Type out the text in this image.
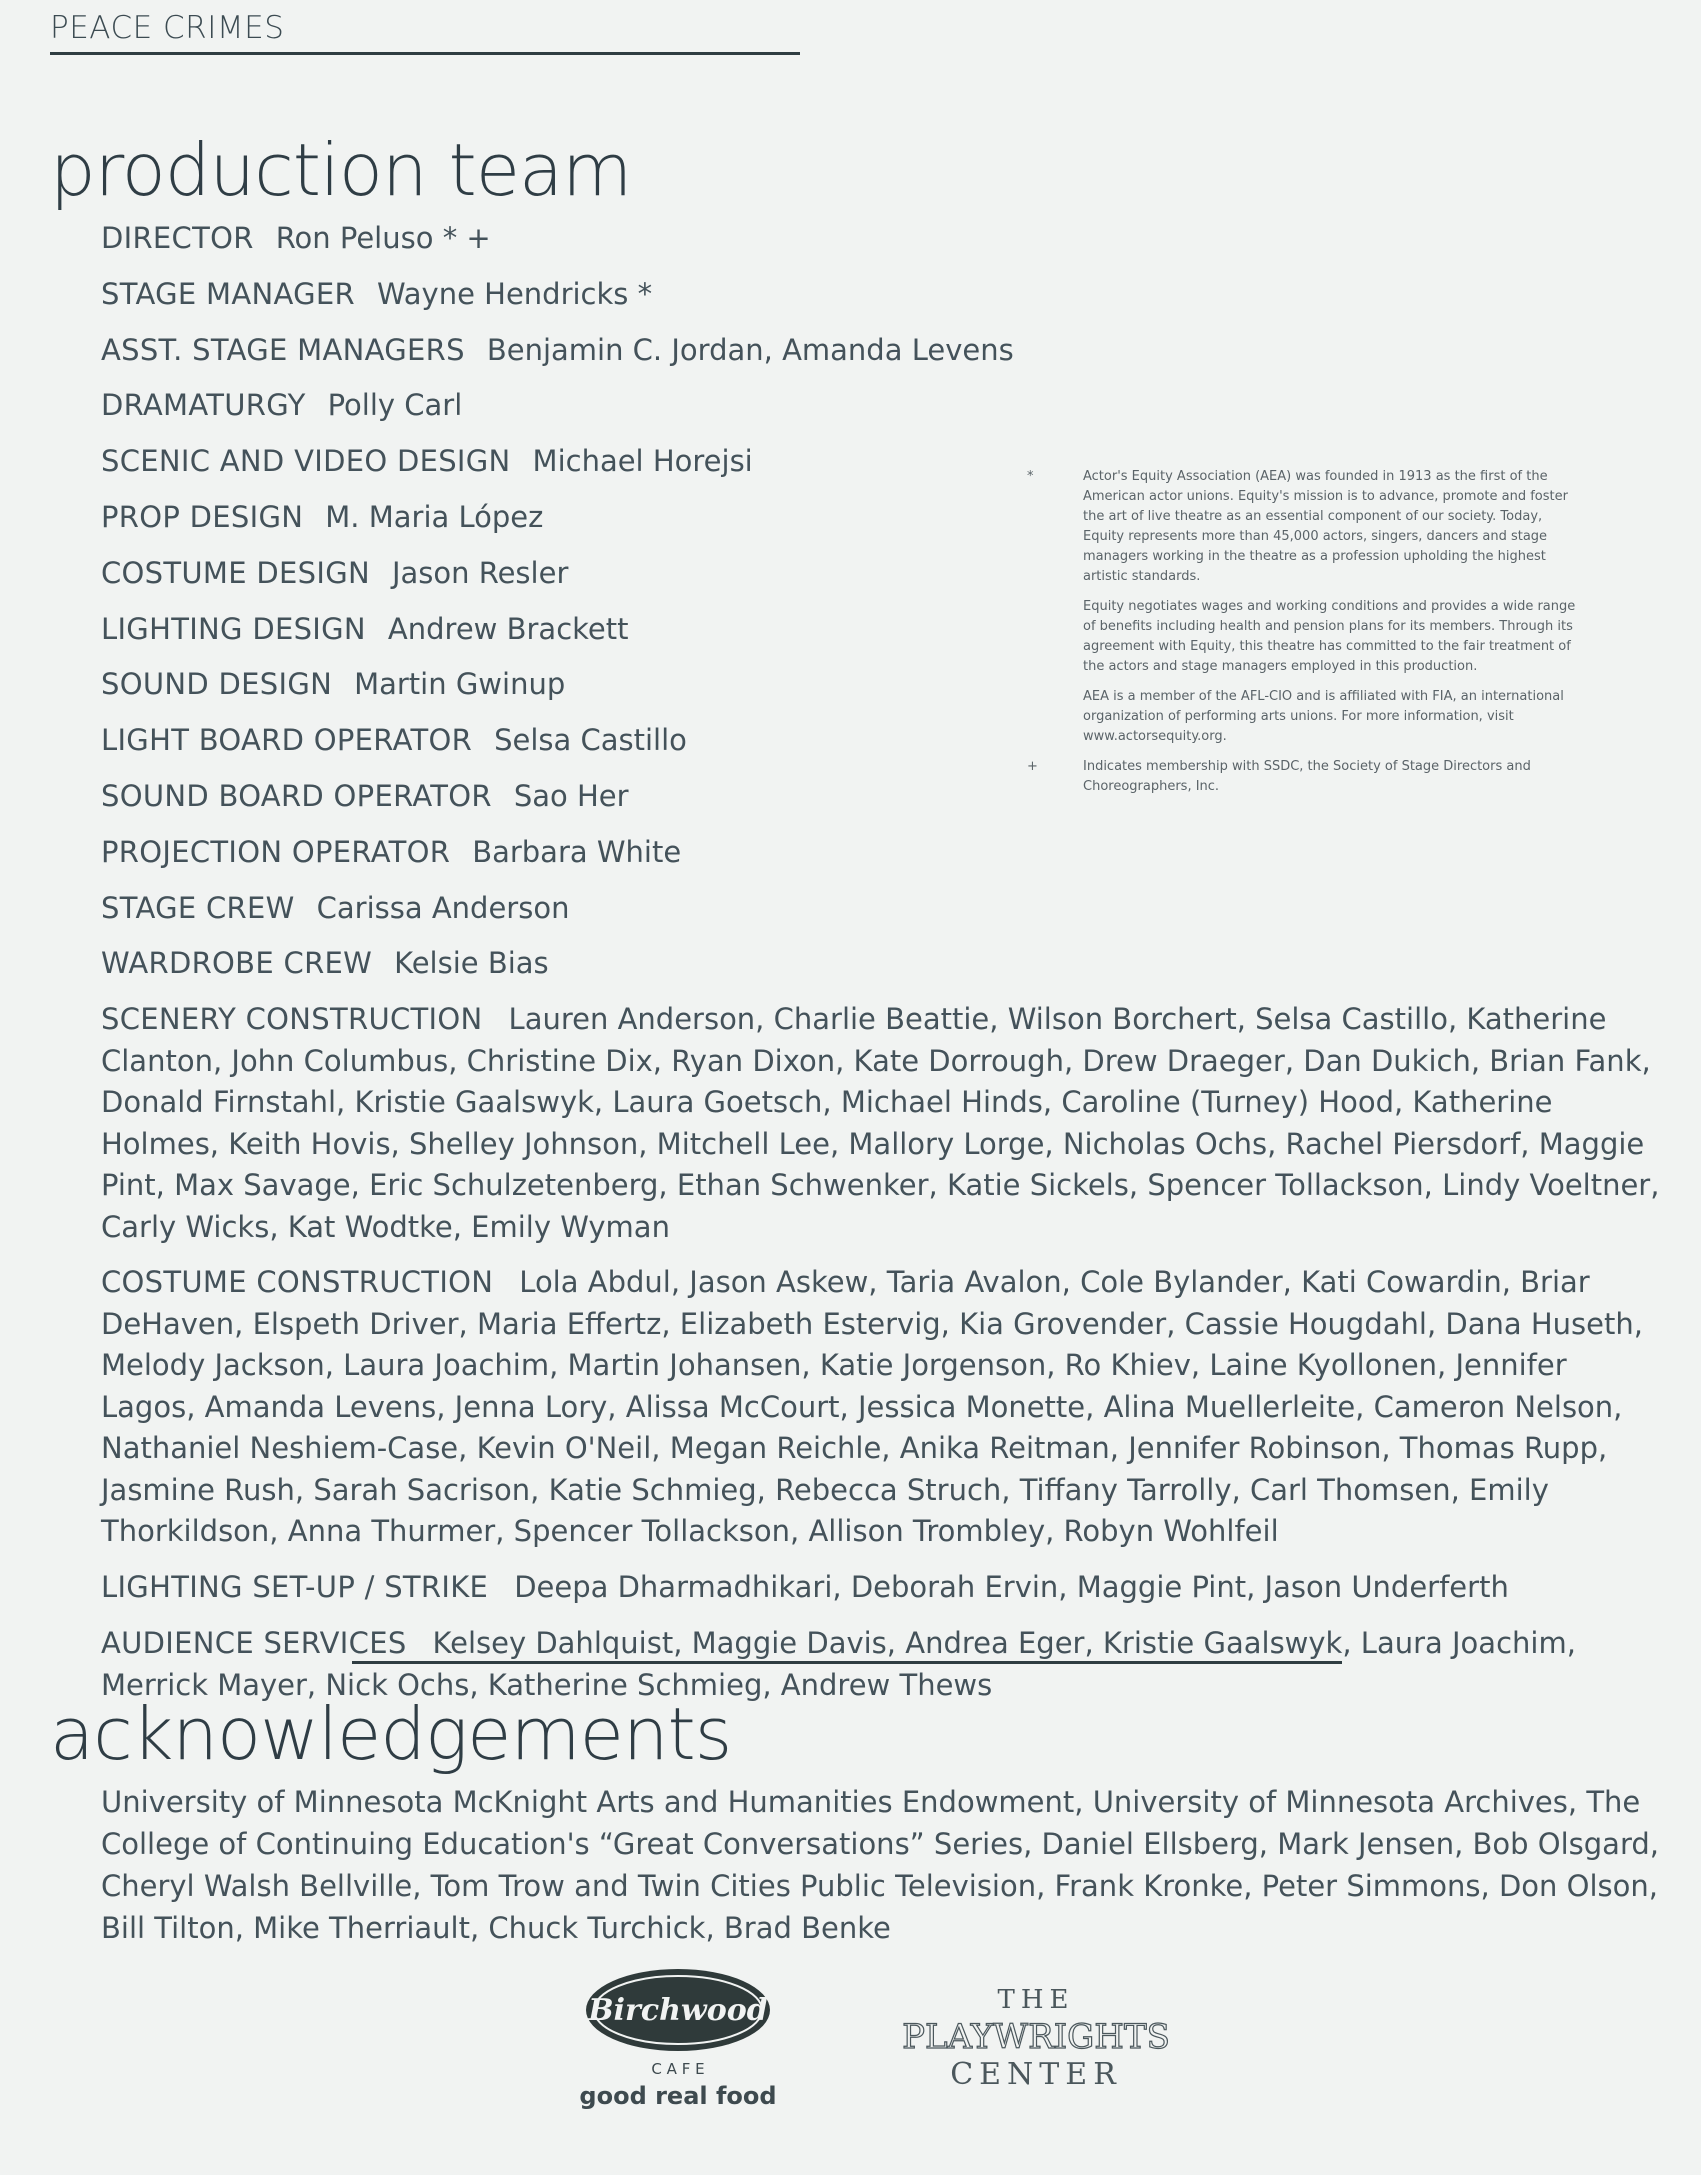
PEACE CRIMES
production team
DIRECTOR Ron Peluso * +
STAGE MANAGER Wayne Hendricks *
ASST. STAGE MANAGERS Benjamin C. Jordan, Amanda Levens
DRAMATURGY Polly Carl
SCENIC AND VIDEO DESIGN Michael Horejsi
PROP DESIGN M. Maria López
COSTUME DESIGN Jason Resler
LIGHTING DESIGN Andrew Brackett
SOUND DESIGN Martin Gwinup
LIGHT BOARD OPERATOR Selsa Castillo
SOUND BOARD OPERATOR Sao Her
PROJECTION OPERATOR Barbara White
STAGE CREW Carissa Anderson
WARDROBE CREW Kelsie Bias
SCENERY CONSTRUCTION Lauren Anderson, Charlie Beattie, Wilson Borchert, Selsa Castillo, Katherine Clanton, John Columbus, Christine Dix, Ryan Dixon, Kate Dorrough, Drew Draeger, Dan Dukich, Brian Fank, Donald Firnstahl, Kristie Gaalswyk, Laura Goetsch, Michael Hinds, Caroline (Turney) Hood, Katherine Holmes, Keith Hovis, Shelley Johnson, Mitchell Lee, Mallory Lorge, Nicholas Ochs, Rachel Piersdorf, Maggie Pint, Max Savage, Eric Schulzetenberg, Ethan Schwenker, Katie Sickels, Spencer Tollackson, Lindy Voeltner, Carly Wicks, Kat Wodtke, Emily Wyman
COSTUME CONSTRUCTION Lola Abdul, Jason Askew, Taria Avalon, Cole Bylander, Kati Cowardin, Briar DeHaven, Elspeth Driver, Maria Effertz, Elizabeth Estervig, Kia Grovender, Cassie Hougdahl, Dana Huseth, Melody Jackson, Laura Joachim, Martin Johansen, Katie Jorgenson, Ro Khiev, Laine Kyollonen, Jennifer Lagos, Amanda Levens, Jenna Lory, Alissa McCourt, Jessica Monette, Alina Muellerleite, Cameron Nelson, Nathaniel Neshiem-Case, Kevin O'Neil, Megan Reichle, Anika Reitman, Jennifer Robinson, Thomas Rupp, Jasmine Rush, Sarah Sacrison, Katie Schmieg, Rebecca Struch, Tiffany Tarrolly, Carl Thomsen, Emily Thorkildson, Anna Thurmer, Spencer Tollackson, Allison Trombley, Robyn Wohlfeil
LIGHTING SET-UP / STRIKE Deepa Dharmadhikari, Deborah Ervin, Maggie Pint, Jason Underferth
AUDIENCE SERVICES Kelsey Dahlquist, Maggie Davis, Andrea Eger, Kristie Gaalswyk, Laura Joachim, Merrick Mayer, Nick Ochs, Katherine Schmieg, Andrew Thews
*	Actor's Equity Association (AEA) was founded in 1913 as the first of the American actor unions. Equity's mission is to advance, promote and foster the art of live theatre as an essential component of our society. Today, Equity represents more than 45,000 actors, singers, dancers and stage managers working in the theatre as a profession upholding the highest artistic standards.

Equity negotiates wages and working conditions and provides a wide range of benefits including health and pension plans for its members. Through its agreement with Equity, this theatre has committed to the fair treatment of the actors and stage managers employed in this production.

AEA is a member of the AFL-CIO and is affiliated with FIA, an international organization of performing arts unions. For more information, visit www.actorsequity.org.

+	Indicates membership with SSDC, the Society of Stage Directors and Choreographers, Inc.

acknowledgements
University of Minnesota McKnight Arts and Humanities Endowment, University of Minnesota Archives, The College of Continuing Education's “Great Conversations” Series, Daniel Ellsberg, Mark Jensen, Bob Olsgard, Cheryl Walsh Bellville, Tom Trow and Twin Cities Public Television, Frank Kronke, Peter Simmons, Don Olson, Bill Tilton, Mike Therriault, Chuck Turchick, Brad Benke
Birchwood
C A F E
good real food
THE
PLAYWRIGHTS
CENTER
